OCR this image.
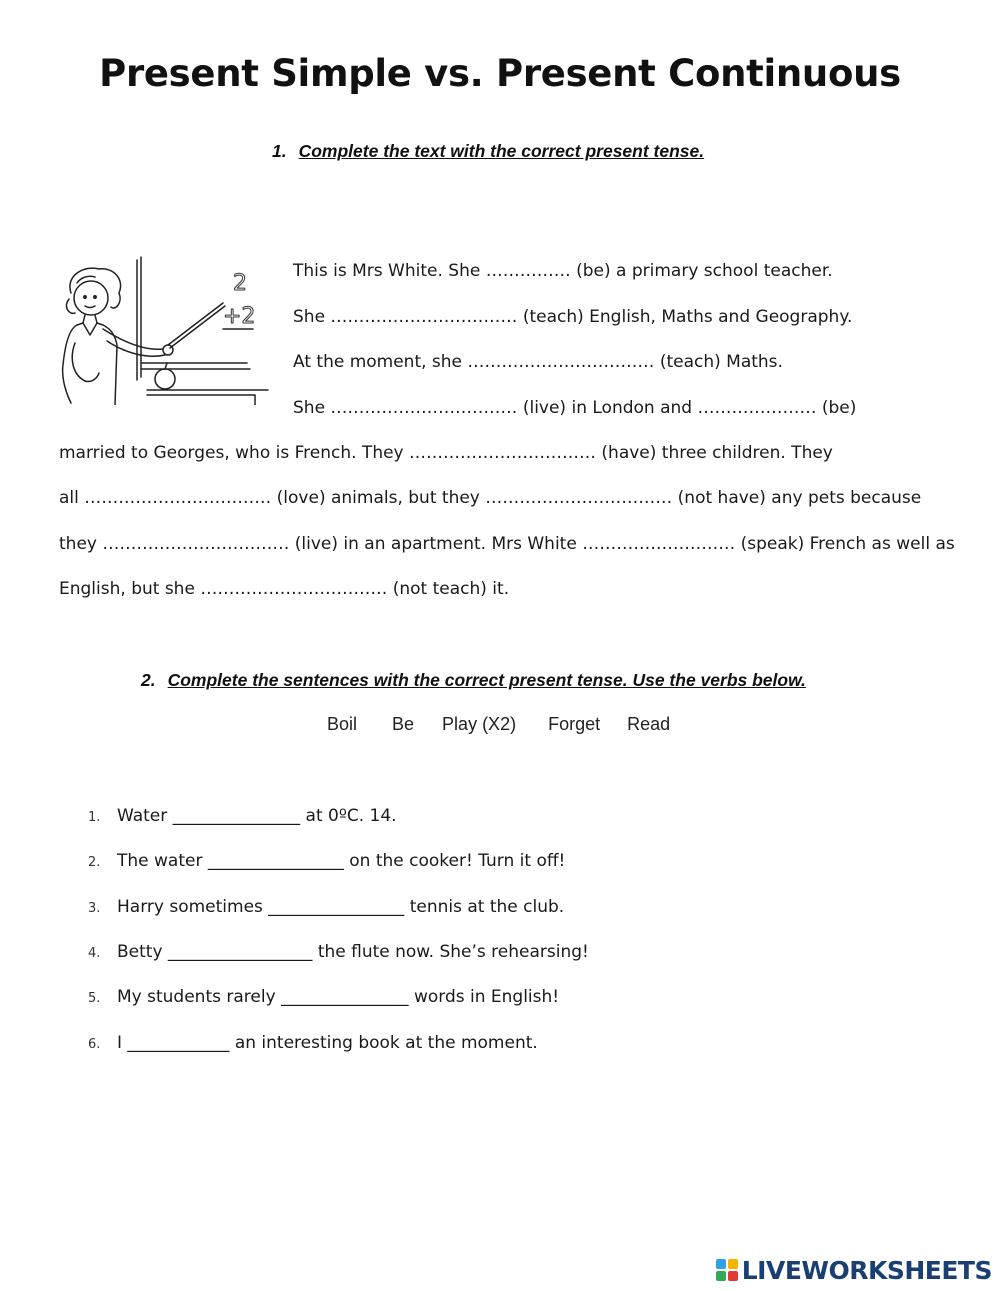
Present Simple vs. Present Continuous
1. Complete the text with the correct present tense.
2
+2
This is Mrs White. She …………… (be) a primary school teacher.
She …………………………… (teach) English, Maths and Geography.
At the moment, she …………………………… (teach) Maths.
She …………………………… (live) in London and ………………… (be)
married to Georges, who is French. They …………………………… (have) three children. They
all …………………………… (love) animals, but they …………………………… (not have) any pets because
they …………………………… (live) in an apartment. Mrs White ……………………… (speak) French as well as
English, but she …………………………… (not teach) it.
2. Complete the sentences with the correct present tense. Use the verbs below.
Boil Be Play (X2) Forget Read
1. Water _______________ at 0ºC. 14.
2. The water ________________ on the cooker! Turn it off!
3. Harry sometimes ________________ tennis at the club.
4. Betty _________________ the flute now. She’s rehearsing!
5. My students rarely _______________ words in English!
6. I ____________ an interesting book at the moment.
LIVEWORKSHEETS
